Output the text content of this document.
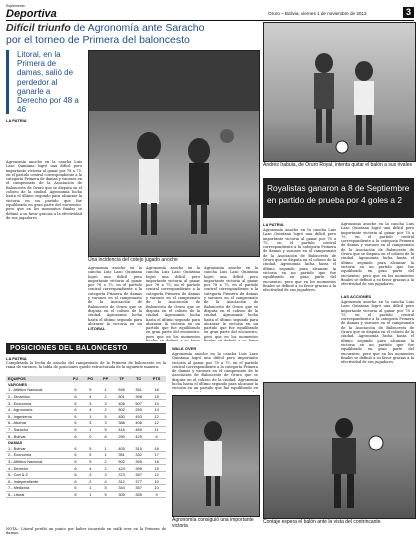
Suplemento
Deportiva	Oruro – Bolivia, viernes 1 de noviembre de 2013	3
Difícil triunfo de Agronomía ante Saracho
por el torneo de Primera del baloncesto
Litoral, en la Primera de damas, salió de perdedor al ganarle a Derecho por 48 a 46
LA PATRIA
Agronomía anoche en la cancha Luis Lazo Quintana logró una difícil pero importante victoria al ganar por 78 a 75, en el partido central correspondiente a la categoría Primera de damas y varones en el campeonato de la Asociación de Baloncesto de Oruro que se disputa en el coliseo de la ciudad. Agronomía lucha hasta el último segundo para alcanzar la victoria en un partido que fue equilibrado en gran parte del encuentro, pero que en los momentos finales se definió a su favor gracias a la efectividad de sus jugadores.
Una incidencia del cotejo jugado anoche
Agronomía anoche en la cancha Luis Lazo Quintana logró una difícil pero importante victoria al ganar por 78 a 75, en el partido central correspondiente a la categoría Primera de damas y varones en el campeonato de la Asociación de Baloncesto de Oruro que se disputa en el coliseo de la ciudad. Agronomía lucha hasta el último segundo para alcanzar la victoria en un
LITORAL
Agronomía anoche en la cancha Luis Lazo Quintana logró una difícil pero importante victoria al ganar por 78 a 75, en el partido central correspondiente a la categoría Primera de damas y varones en el campeonato de la Asociación de Baloncesto de Oruro que se disputa en el coliseo de la ciudad. Agronomía lucha hasta el último segundo para alcanzar la victoria en un partido que fue equilibrado en gran parte del encuentro, pero que en los momentos
Agronomía anoche en la cancha Luis Lazo Quintana logró una difícil pero importante victoria al ganar por 78 a 75, en el partido central correspondiente a la categoría Primera de damas y varones en el campeonato de la Asociación de Baloncesto de Oruro que se disputa en el coliseo de la ciudad. Agronomía lucha hasta el último segundo para alcanzar la victoria en un partido que fue equilibrado en gran parte del encuentro, pero que en los momentos
POSICIONES DEL BALONCESTO
LA PATRIA
Completada la fecha de anoche del campeonato de la Primera de baloncesto en la rama de varones, la tabla de posiciones quedó estructurada de la siguiente manera:
EQUIPOS	PJ	PG	PP	TF	TC	PTS
VARONES						
1.- Atlético Nacional	6	5	1	545	351	16
2.- Dinámico	6	4	2	501	398	15
3.- Economía	6	3	3	406	507	14
4.- Agronomía	6	4	2	502	250	14
5.- Ingenieros	6	1	5	450	493	12
6.- Aboroa	6	3	3	388	408	12
7.- Saracho	6	1	5	416	469	11
8.- Bolívar	6	0	6	290	425	6
DAMAS						
1.- Bolívar	6	5	1	405	315	16
2.- Economía	6	5	1	351	332	17
3.- Atlético Nacional	6	5	2	502	395	16
4.- Derecho	6	4	2	424	395	15
5.- Carl & Z	6	3	3	373	357	12
6.- Independiente	6	2	4	312	377	10
7.- Medicina	6	1	5	344	357	10
8.- Litoral	6	1	5	305	355	9
NOTA.- Litoral perdió un punto por haber incurrido en walk over en la Primera de damas.
Agronomía consiguió una importante victoria
WALK OVER
Agronomía anoche en la cancha Luis Lazo Quintana logró una difícil pero importante victoria al ganar por 78 a 75, en el partido central correspondiente a la categoría Primera de damas y varones en el campeonato de la Asociación de Baloncesto de Oruro que se disputa en el coliseo de la ciudad. Agronomía lucha hasta el último segundo para alcanzar la victoria en un partido que fue equilibrado en
Andrés Irabula, de Oruro Royal, intenta quitar el balón a sus rivales
Royalistas ganaron a 8 de Septiembre
en partido de prueba por 4 goles a 2
LA PATRIA
Agronomía anoche en la cancha Luis Lazo Quintana logró una difícil pero importante victoria al ganar por 78 a 75, en el partido central correspondiente a la categoría Primera de damas y varones en el campeonato de la Asociación de Baloncesto de Oruro que se disputa en el coliseo de la ciudad. Agronomía lucha hasta el último segundo para alcanzar la victoria en un partido que fue equilibrado en gran parte del encuentro, pero que en los momentos finales se definió a su favor gracias a la efectividad de sus jugadores.
Agronomía anoche en la cancha Luis Lazo Quintana logró una difícil pero importante victoria al ganar por 78 a 75, en el partido central correspondiente a la categoría Primera de damas y varones en el campeonato de la Asociación de Baloncesto de Oruro que se disputa en el coliseo de la ciudad. Agronomía lucha hasta el último segundo para alcanzar la victoria en un partido que fue equilibrado en gran parte del encuentro, pero que en los momentos finales se definió a su favor gracias a la efectividad de sus jugadores.
LAS ACCIONES
Agronomía anoche en la cancha Luis Lazo Quintana logró una difícil pero importante victoria al ganar por 78 a 75, en el partido central correspondiente a la categoría Primera de damas y varones en el campeonato de la Asociación de Baloncesto de Oruro que se disputa en el coliseo de la ciudad. Agronomía lucha hasta el último segundo para alcanzar la victoria en un partido que fue equilibrado en gran parte del encuentro, pero que en los momentos finales se definió a su favor gracias a la efectividad de sus jugadores.
Contaje espera el balón ante la vista del contrincante
